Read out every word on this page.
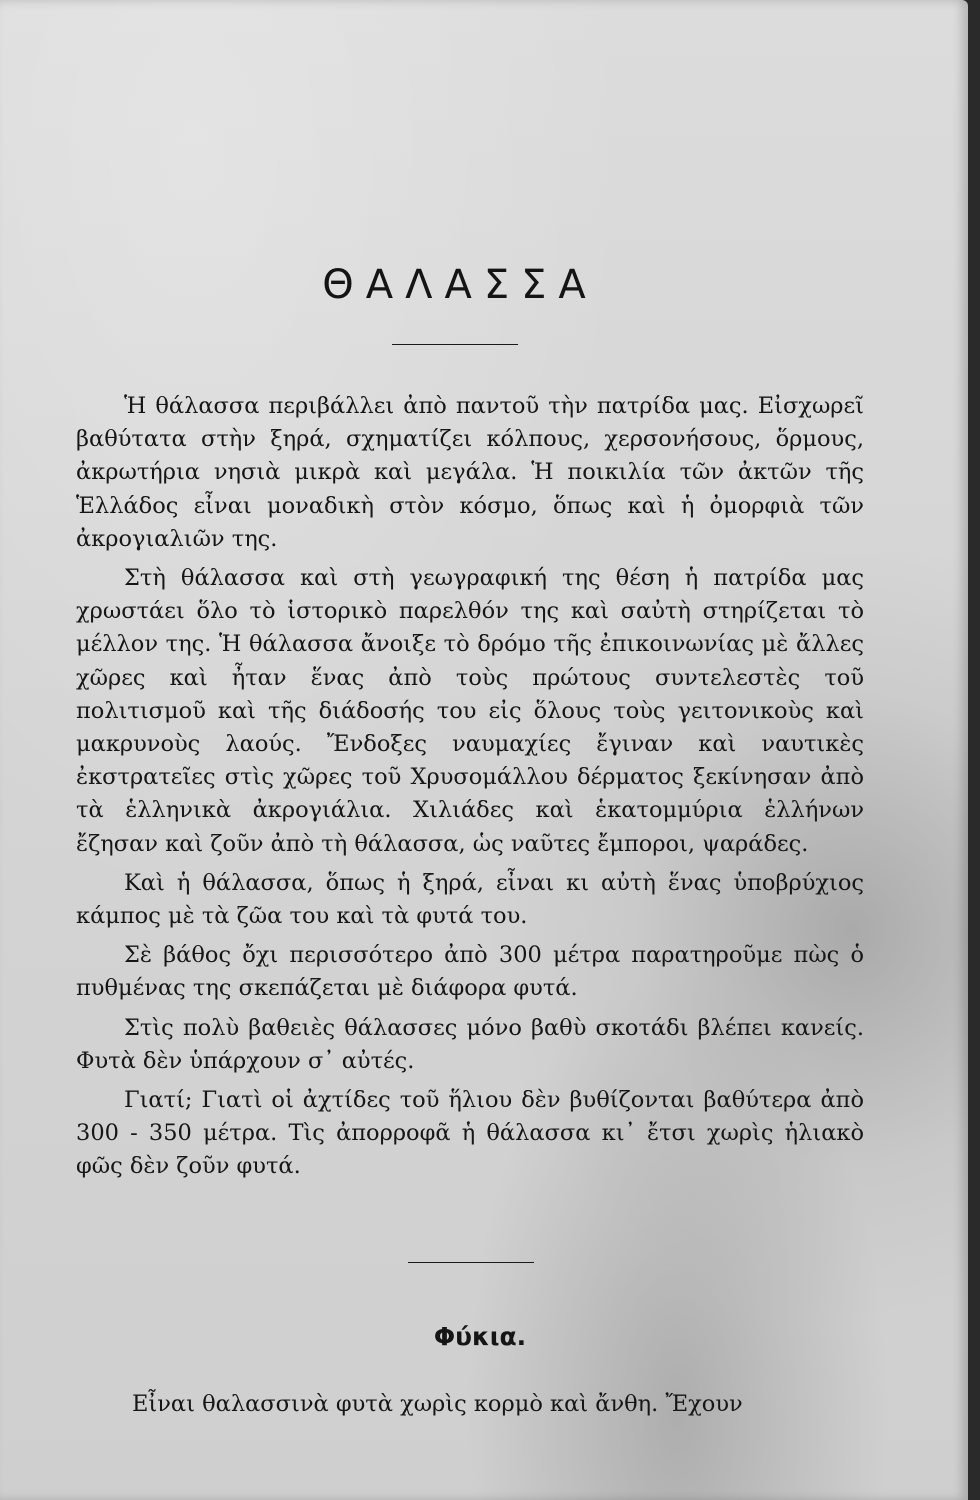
ΘΑΛΑΣΣΑ

Ἡ θάλασσα περιβάλλει ἀπὸ παντοῦ τὴν πατρίδα μας. Εἰσχωρεῖ βαθύτατα στὴν ξηρά, σχηματίζει κόλπους, χερσονήσους, ὅρμους, ἀκρωτήρια νησιὰ μικρὰ καὶ μεγάλα. Ἡ ποικιλία τῶν ἀκτῶν τῆς Ἑλλάδος εἶναι μοναδικὴ στὸν κόσμο, ὅπως καὶ ἡ ὀμορφιὰ τῶν ἀκρογιαλιῶν της.

Στὴ θάλασσα καὶ στὴ γεωγραφική της θέση ἡ πατρίδα μας χρωστάει ὅλο τὸ ἱστορικὸ παρελθόν της καὶ σαὐτὴ στηρίζεται τὸ μέλλον της. Ἡ θάλασσα ἄνοιξε τὸ δρόμο τῆς ἐπικοινωνίας μὲ ἄλλες χῶρες καὶ ἦταν ἕνας ἀπὸ τοὺς πρώτους συντελεστὲς τοῦ πολιτισμοῦ καὶ τῆς διάδοσής του εἰς ὅλους τοὺς γειτονικοὺς καὶ μακρυνοὺς λαούς. Ἔνδοξες ναυμαχίες ἔγιναν καὶ ναυτικὲς ἐκστρατεῖες στὶς χῶρες τοῦ Χρυσομάλλου δέρματος ξεκίνησαν ἀπὸ τὰ ἑλληνικὰ ἀκρογιάλια. Χιλιάδες καὶ ἑκατομμύρια ἑλλήνων ἔζησαν καὶ ζοῦν ἀπὸ τὴ θάλασσα, ὡς ναῦτες ἔμποροι, ψαράδες.

Καὶ ἡ θάλασσα, ὅπως ἡ ξηρά, εἶναι κι αὐτὴ ἕνας ὑποβρύχιος κάμπος μὲ τὰ ζῶα του καὶ τὰ φυτά του.

Σὲ βάθος ὄχι περισσότερο ἀπὸ 300 μέτρα παρατηροῦμε πὼς ὁ πυθμένας της σκεπάζεται μὲ διάφορα φυτά.

Στὶς πολὺ βαθειὲς θάλασσες μόνο βαθὺ σκοτάδι βλέπει κανείς. Φυτὰ δὲν ὑπάρχουν σ᾿ αὐτές.

Γιατί; Γιατὶ οἱ ἀχτίδες τοῦ ἥλιου δὲν βυθίζονται βαθύτερα ἀπὸ 300 - 350 μέτρα. Τὶς ἀπορροφᾶ ἡ θάλασσα κι᾿ ἔτσι χωρὶς ἡλιακὸ φῶς δὲν ζοῦν φυτά.

Φύκια.

Εἶναι θαλασσινὰ φυτὰ χωρὶς κορμὸ καὶ ἄνθη. Ἔχουν
